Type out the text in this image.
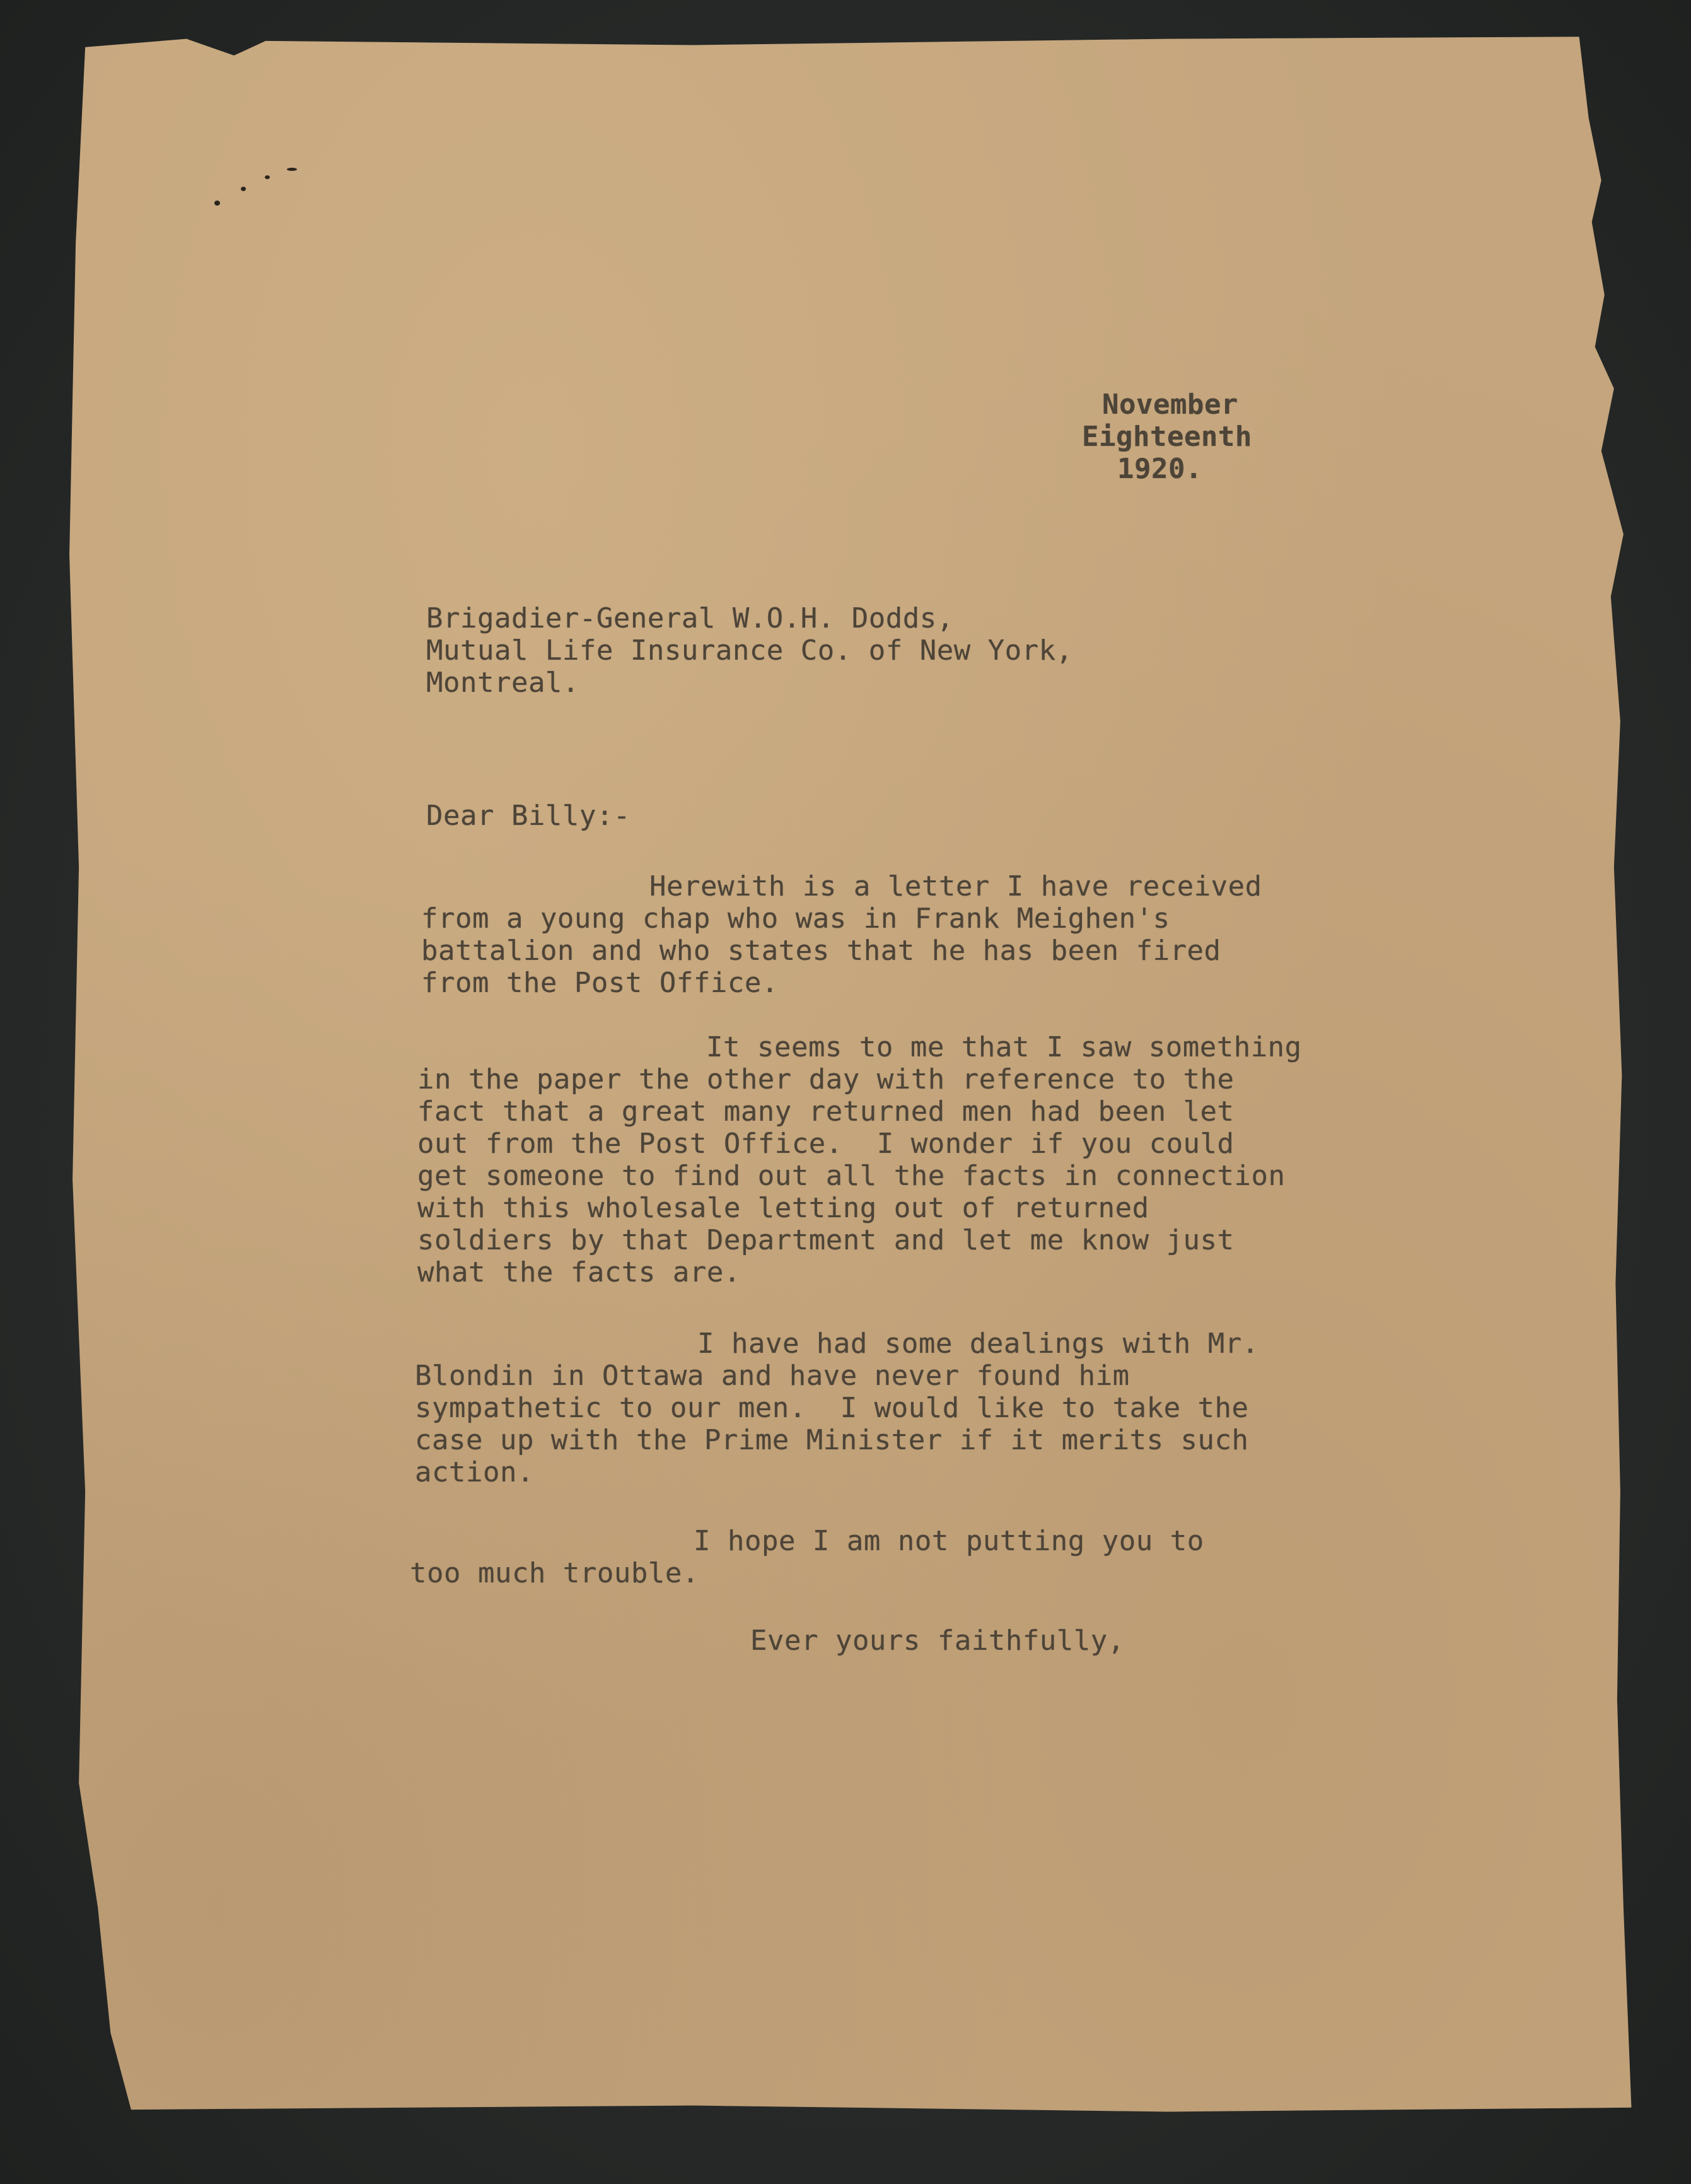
November
Eighteenth
1920.
Brigadier-General W.O.H. Dodds,
Mutual Life Insurance Co. of New York,
Montreal.
Dear Billy:-
Herewith is a letter I have received
from a young chap who was in Frank Meighen's
battalion and who states that he has been fired
from the Post Office.
It seems to me that I saw something
in the paper the other day with reference to the
fact that a great many returned men had been let
out from the Post Office.  I wonder if you could
get someone to find out all the facts in connection
with this wholesale letting out of returned
soldiers by that Department and let me know just
what the facts are.
I have had some dealings with Mr.
Blondin in Ottawa and have never found him
sympathetic to our men.  I would like to take the
case up with the Prime Minister if it merits such
action.
I hope I am not putting you to
too much trouble.
Ever yours faithfully,
